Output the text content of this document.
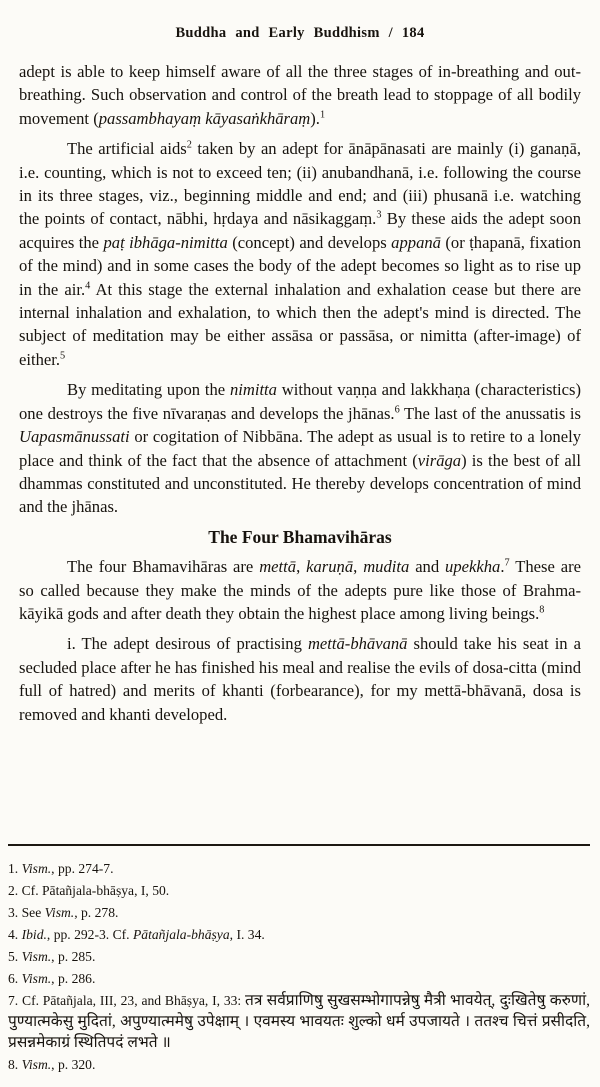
Buddha and Early Buddhism / 184

adept is able to keep himself aware of all the three stages of in-breathing and out-breathing. Such observation and control of the breath lead to stoppage of all bodily movement (passambhayaṃ kāyasaṅkhāraṃ).$^1$

The artificial aids$^2$ taken by an adept for ānāpānasati are mainly (i) ganaṇā, i.e. counting, which is not to exceed ten; (ii) anubandhanā, i.e. following the course in its three stages, viz., beginning middle and end; and (iii) phusanā i.e. watching the points of contact, nābhi, hṛdaya and nāsikaggaṃ.$^3$ By these aids the adept soon acquires the paṭ ibhāga-nimitta (concept) and develops appanā (or ṭhapanā, fixation of the mind) and in some cases the body of the adept becomes so light as to rise up in the air.$^4$ At this stage the external inhalation and exhalation cease but there are internal inhalation and exhalation, to which then the adept's mind is directed. The subject of meditation may be either assāsa or passāsa, or nimitta (after-image) of either.$^5$

By meditating upon the nimitta without vaṇṇa and lakkhaṇa (characteristics) one destroys the five nīvaraṇas and develops the jhānas.$^6$ The last of the anussatis is Uapasmānussati or cogitation of Nibbāna. The adept as usual is to retire to a lonely place and think of the fact that the absence of attachment (virāga) is the best of all dhammas constituted and unconstituted. He thereby develops concentration of mind and the jhānas.

The Four Bhamavihāras

The four Bhamavihāras are mettā, karuṇā, mudita and upekkha.$^7$ These are so called because they make the minds of the adepts pure like those of Brahma-kāyikā gods and after death they obtain the highest place among living beings.$^8$

i. The adept desirous of practising mettā-bhāvanā should take his seat in a secluded place after he has finished his meal and realise the evils of dosa-citta (mind full of hatred) and merits of khanti (forbearance), for my mettā-bhāvanā, dosa is removed and khanti developed.

1. Vism., pp. 274-7.

2. Cf. Pātañjala-bhāṣya, I, 50.

3. See Vism., p. 278.

4. Ibid., pp. 292-3. Cf. Pātañjala-bhāṣya, I. 34.

5. Vism., p. 285.

6. Vism., p. 286.

7. Cf. Pātañjala, III, 23, and Bhāṣya, I, 33: तत्र सर्वप्राणिषु सुखसम्भोगापन्नेषु मैत्री भावयेत्, दुःखितेषु करुणां, पुण्यात्मकेसु मुदितां, अपुण्यात्ममेषु उपेक्षाम् । एवमस्य भावयतः शुल्को धर्म उपजायते । ततश्च चित्तं प्रसीदति, प्रसन्नमेकाग्रं स्थितिपदं लभते ॥

8. Vism., p. 320.
